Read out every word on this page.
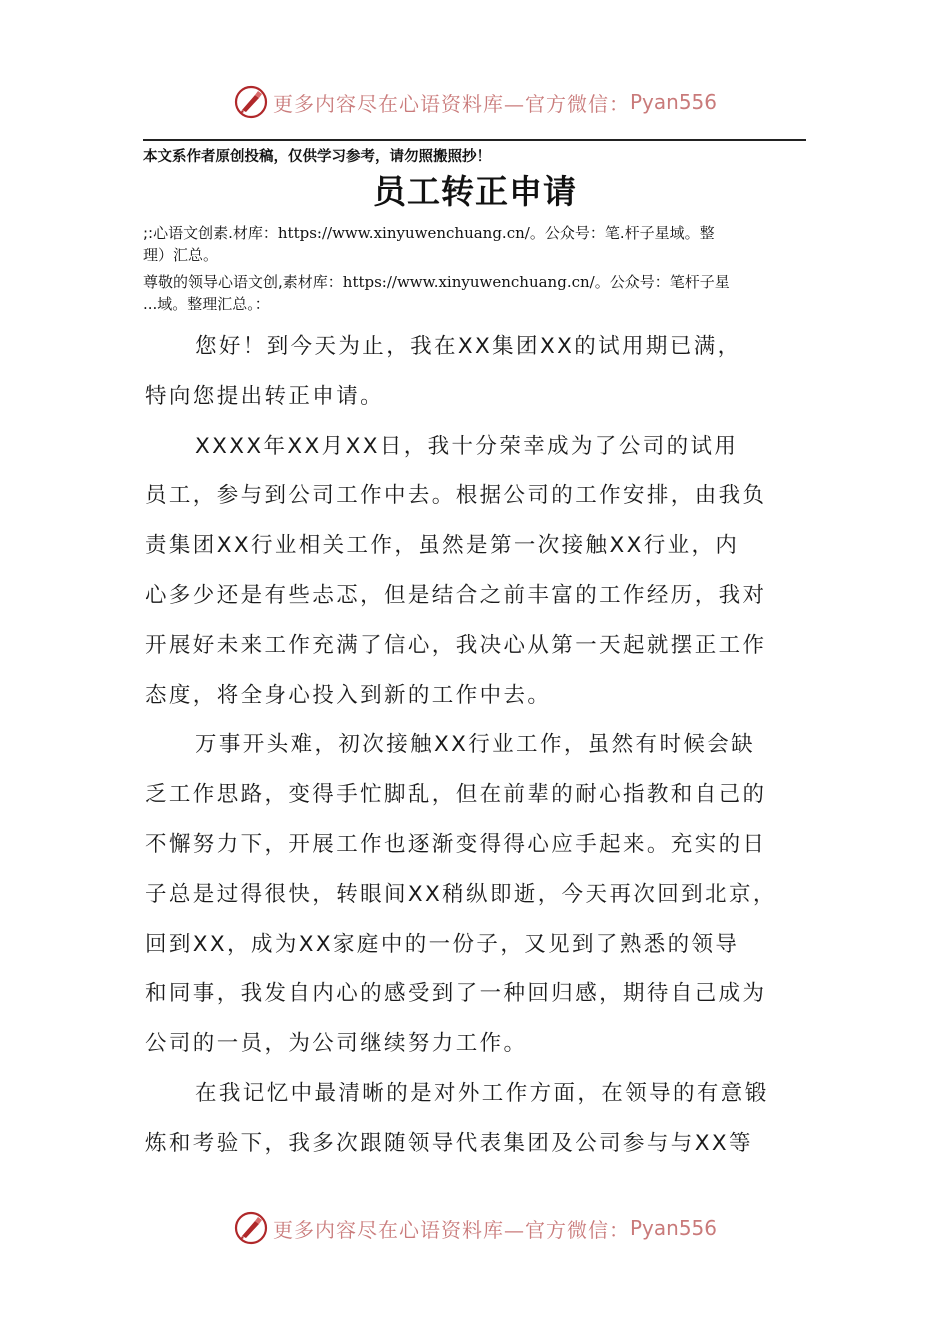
更多内容尽在心语资料库—官方微信： Pyan556
本文系作者原创投稿，仅供学习参考，请勿照搬照抄！
员工转正申请
;:心语文创素.材库：https://www.xinyuwenchuang.cn/。公众号：笔.杆子星域。整
理）汇总。
尊敬的领导心语文创,素材库：https://www.xinyuwenchuang.cn/。公众号：笔杆子星
...域。整理汇总。：
您好！到今天为止，我在XX集团XX的试用期已满，
特向您提出转正申请。
XXXX年XX月XX日，我十分荣幸成为了公司的试用
员工，参与到公司工作中去。根据公司的工作安排，由我负
责集团XX行业相关工作，虽然是第一次接触XX行业，内
心多少还是有些忐忑，但是结合之前丰富的工作经历，我对
开展好未来工作充满了信心，我决心从第一天起就摆正工作
态度，将全身心投入到新的工作中去。
万事开头难，初次接触XX行业工作，虽然有时候会缺
乏工作思路，变得手忙脚乱，但在前辈的耐心指教和自己的
不懈努力下，开展工作也逐渐变得得心应手起来。充实的日
子总是过得很快，转眼间XX稍纵即逝，今天再次回到北京，
回到XX，成为XX家庭中的一份子，又见到了熟悉的领导
和同事，我发自内心的感受到了一种回归感，期待自己成为
公司的一员，为公司继续努力工作。
在我记忆中最清晰的是对外工作方面，在领导的有意锻
炼和考验下，我多次跟随领导代表集团及公司参与与XX等
更多内容尽在心语资料库—官方微信： Pyan556
